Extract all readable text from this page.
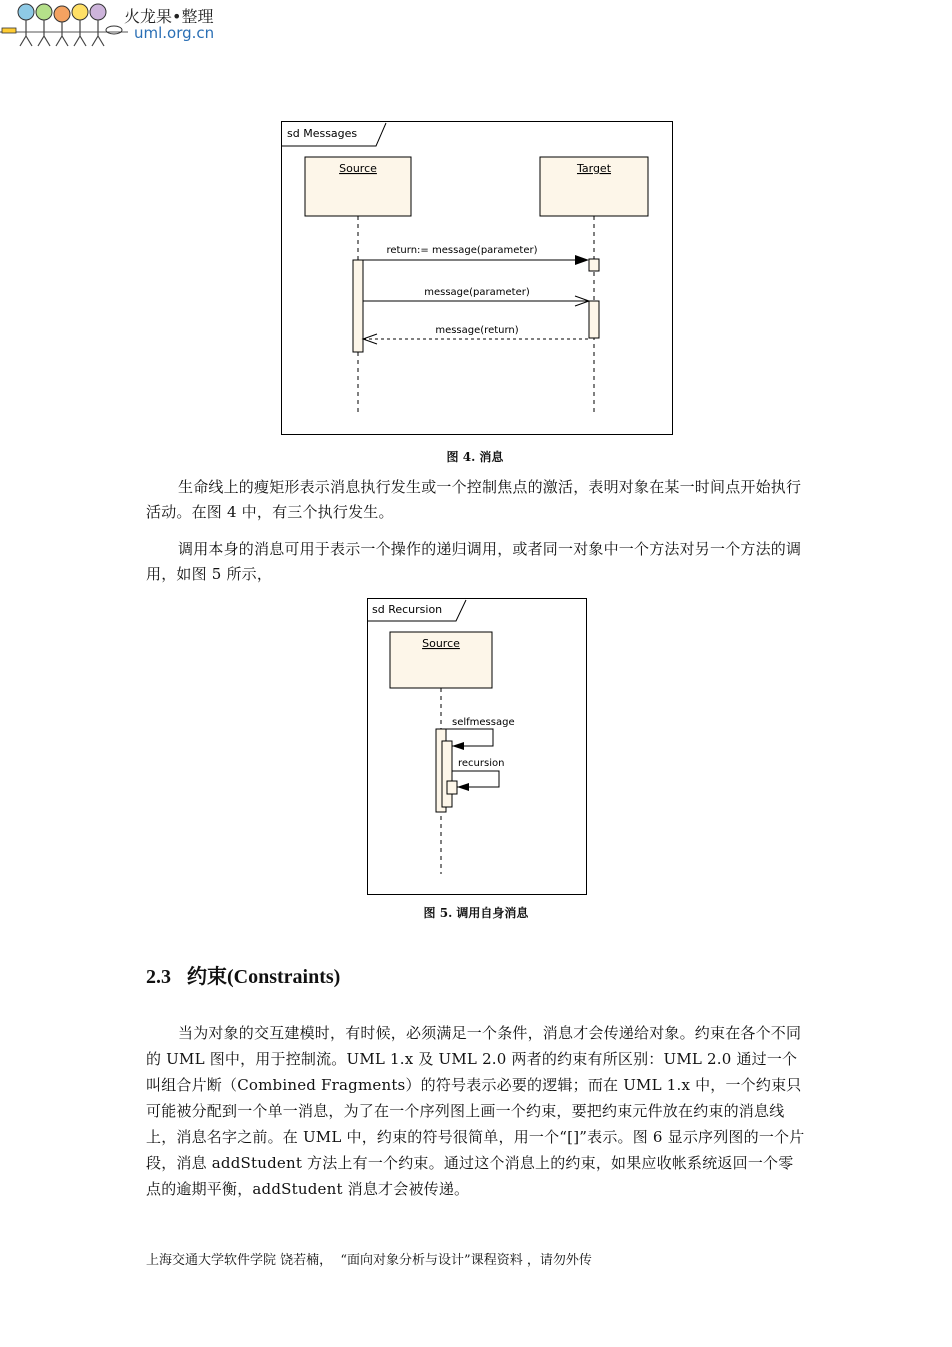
火龙果•整理
uml.org.cn
sd Messages
Source	Target
return:= message(parameter)
message(parameter)
message(return)
图 4. 消息
生命线上的瘦矩形表示消息执行发生或一个控制焦点的激活，表明对象在某一时间点开始执行活动。在图 4 中，有三个执行发生。
调用本身的消息可用于表示一个操作的递归调用，或者同一对象中一个方法对另一个方法的调用，如图 5 所示，
sd Recursion
Source
selfmessage
recursion
图 5. 调用自身消息
2.3 约束(Constraints)
当为对象的交互建模时，有时候，必须满足一个条件，消息才会传递给对象。约束在各个不同的 UML 图中，用于控制流。UML 1.x 及 UML 2.0 两者的约束有所区别：UML 2.0 通过一个叫组合片断（Combined Fragments）的符号表示必要的逻辑；而在 UML 1.x 中，一个约束只可能被分配到一个单一消息，为了在一个序列图上画一个约束，要把约束元件放在约束的消息线上，消息名字之前。在 UML 中，约束的符号很简单，用一个“[]”表示。图 6 显示序列图的一个片段，消息 addStudent 方法上有一个约束。通过这个消息上的约束，如果应收帐系统返回一个零点的逾期平衡，addStudent 消息才会被传递。
上海交通大学软件学院 饶若楠，  “面向对象分析与设计”课程资料 ，请勿外传
